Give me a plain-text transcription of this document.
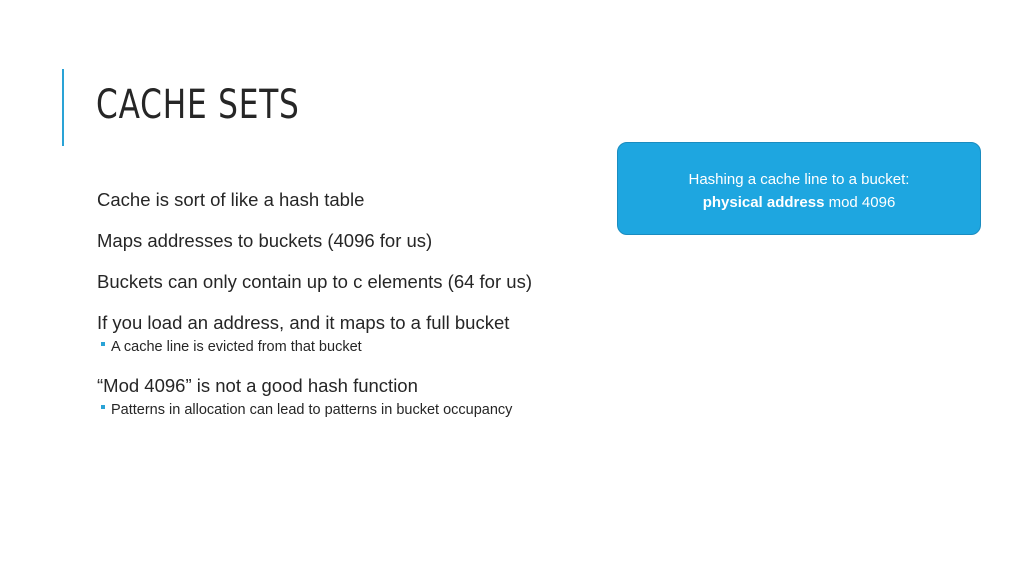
CACHE SETS
Cache is sort of like a hash table
Maps addresses to buckets (4096 for us)
Buckets can only contain up to c elements (64 for us)
If you load an address, and it maps to a full bucket
A cache line is evicted from that bucket
“Mod 4096” is not a good hash function
Patterns in allocation can lead to patterns in bucket occupancy
Hashing a cache line to a bucket:
physical address mod 4096
